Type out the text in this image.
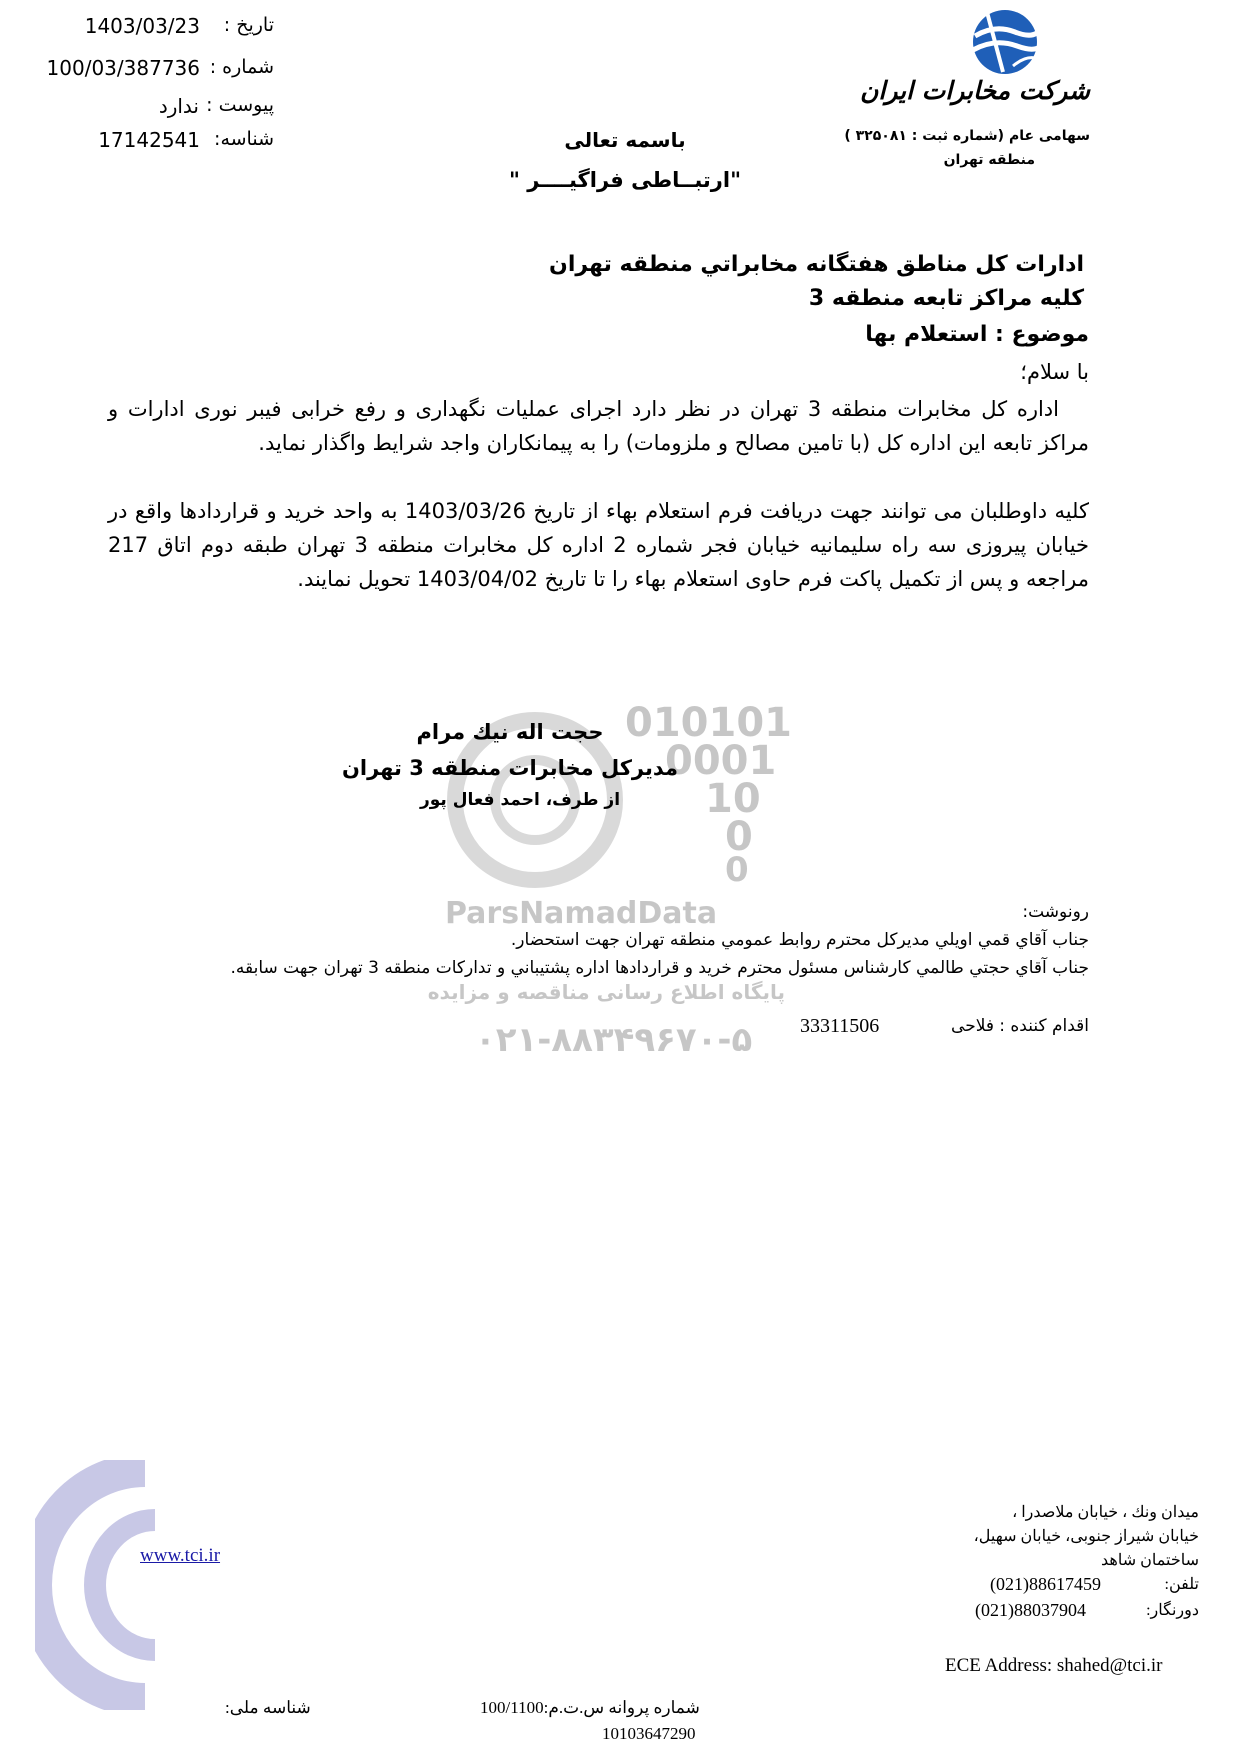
تاریخ :
1403/03/23
شماره :
100/03/387736
پیوست :
ندارد
شناسه:
17142541
شرکت مخابرات ایران
سهامی عام (شماره ثبت : ۳۲۵۰۸۱ )
منطقه تهران
باسمه تعالی
"ارتبــاطی فراگیــــر "
ادارات کل مناطق هفتگانه مخابراتي منطقه تهران
کلیه مراکز تابعه منطقه 3
موضوع : استعلام بها
با سلام؛
اداره کل مخابرات منطقه 3 تهران در نظر دارد اجرای عملیات نگهداری و رفع خرابی فیبر نوری ادارات و مراکز تابعه این اداره کل (با تامین مصالح و ملزومات) را به پیمانکاران واجد شرایط واگذار نماید.
کلیه داوطلبان می توانند جهت دریافت فرم استعلام بهاء از تاریخ 1403/03/26 به واحد خرید و قراردادها واقع در خیابان پیروزی سه راه سلیمانیه خیابان فجر شماره 2 اداره کل مخابرات منطقه 3 تهران طبقه دوم اتاق 217 مراجعه و پس از تکمیل پاکت فرم حاوی استعلام بهاء را تا تاریخ 1403/04/02 تحویل نمایند.
010101
0001
10
0
0
ParsNamadData
پایگاه اطلاع رسانی مناقصه و مزایده
۰۲۱-۸۸۳۴۹۶۷۰-۵
حجت اله نيك مرام
مديركل مخابرات منطقه 3 تهران
از طرف، احمد فعال پور
رونوشت:
جناب آقاي قمي اويلي مديركل محترم روابط عمومي منطقه تهران جهت استحضار.
جناب آقاي حجتي طالمي كارشناس مسئول محترم خريد و قراردادها اداره پشتيباني و تداركات منطقه 3 تهران جهت سابقه.
اقدام کننده :
فلاحی
33311506
www.tci.ir
میدان ونك ، خیابان ملاصدرا ،
خیابان شیراز جنوبی، خیابان سهیل،
ساختمان شاهد
تلفن:
(021)88617459
دورنگار:
(021)88037904
ECE Address: shahed@tci.ir
شناسه ملی:	شماره پروانه س.ت.م:100/1100
10103647290
